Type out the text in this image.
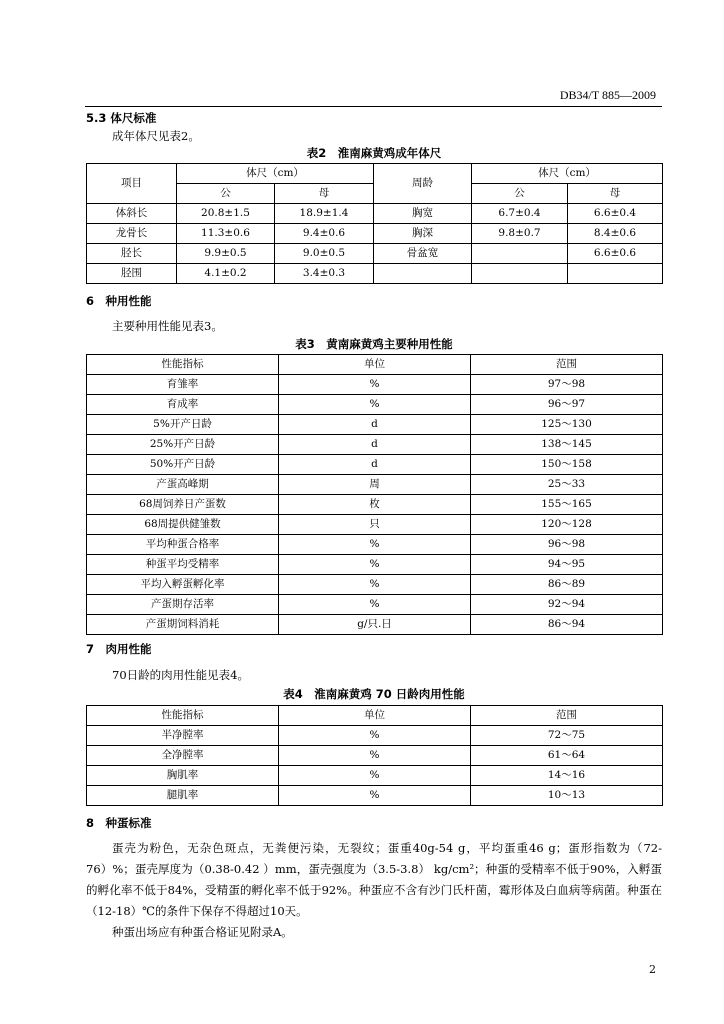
DB34/T 885—2009
5.3 体尺标准
成年体尺见表2。
表2　淮南麻黄鸡成年体尺
项目	体尺（cm）		周龄	体尺（cm）	
	公	母		公	母
体斜长	20.8±1.5	18.9±1.4	胸宽	6.7±0.4	6.6±0.4
龙骨长	11.3±0.6	9.4±0.6	胸深	9.8±0.7	8.4±0.6
胫长	9.9±0.5	9.0±0.5	骨盆宽		6.6±0.6
胫围	4.1±0.2	3.4±0.3			
6　种用性能
主要种用性能见表3。
表3　黄南麻黄鸡主要种用性能
性能指标	单位	范围
育雏率	%	97～98
育成率	%	96～97
5%开产日龄	d	125～130
25%开产日龄	d	138～145
50%开产日龄	d	150～158
产蛋高峰期	周	25～33
68周饲养日产蛋数	枚	155～165
68周提供健雏数	只	120～128
平均种蛋合格率	%	96～98
种蛋平均受精率	%	94～95
平均入孵蛋孵化率	%	86～89
产蛋期存活率	%	92～94
产蛋期饲料消耗	g/只.日	86～94
7　肉用性能
70日龄的肉用性能见表4。
表4　淮南麻黄鸡 70 日龄肉用性能
性能指标	单位	范围
半净膛率	%	72～75
全净膛率	%	61～64
胸肌率	%	14～16
腿肌率	%	10～13
8　种蛋标准

蛋壳为粉色，无杂色斑点，无粪便污染，无裂纹；蛋重40g-54 g，平均蛋重46 g；蛋形指数为（72-76）%；蛋壳厚度为（0.38-0.42 ）mm，蛋壳强度为（3.5-3.8） kg/cm²；种蛋的受精率不低于90%，入孵蛋的孵化率不低于84%，受精蛋的孵化率不低于92%。种蛋应不含有沙门氏杆菌，霉形体及白血病等病菌。种蛋在（12-18）℃的条件下保存不得超过10天。

种蛋出场应有种蛋合格证见附录A。

2
